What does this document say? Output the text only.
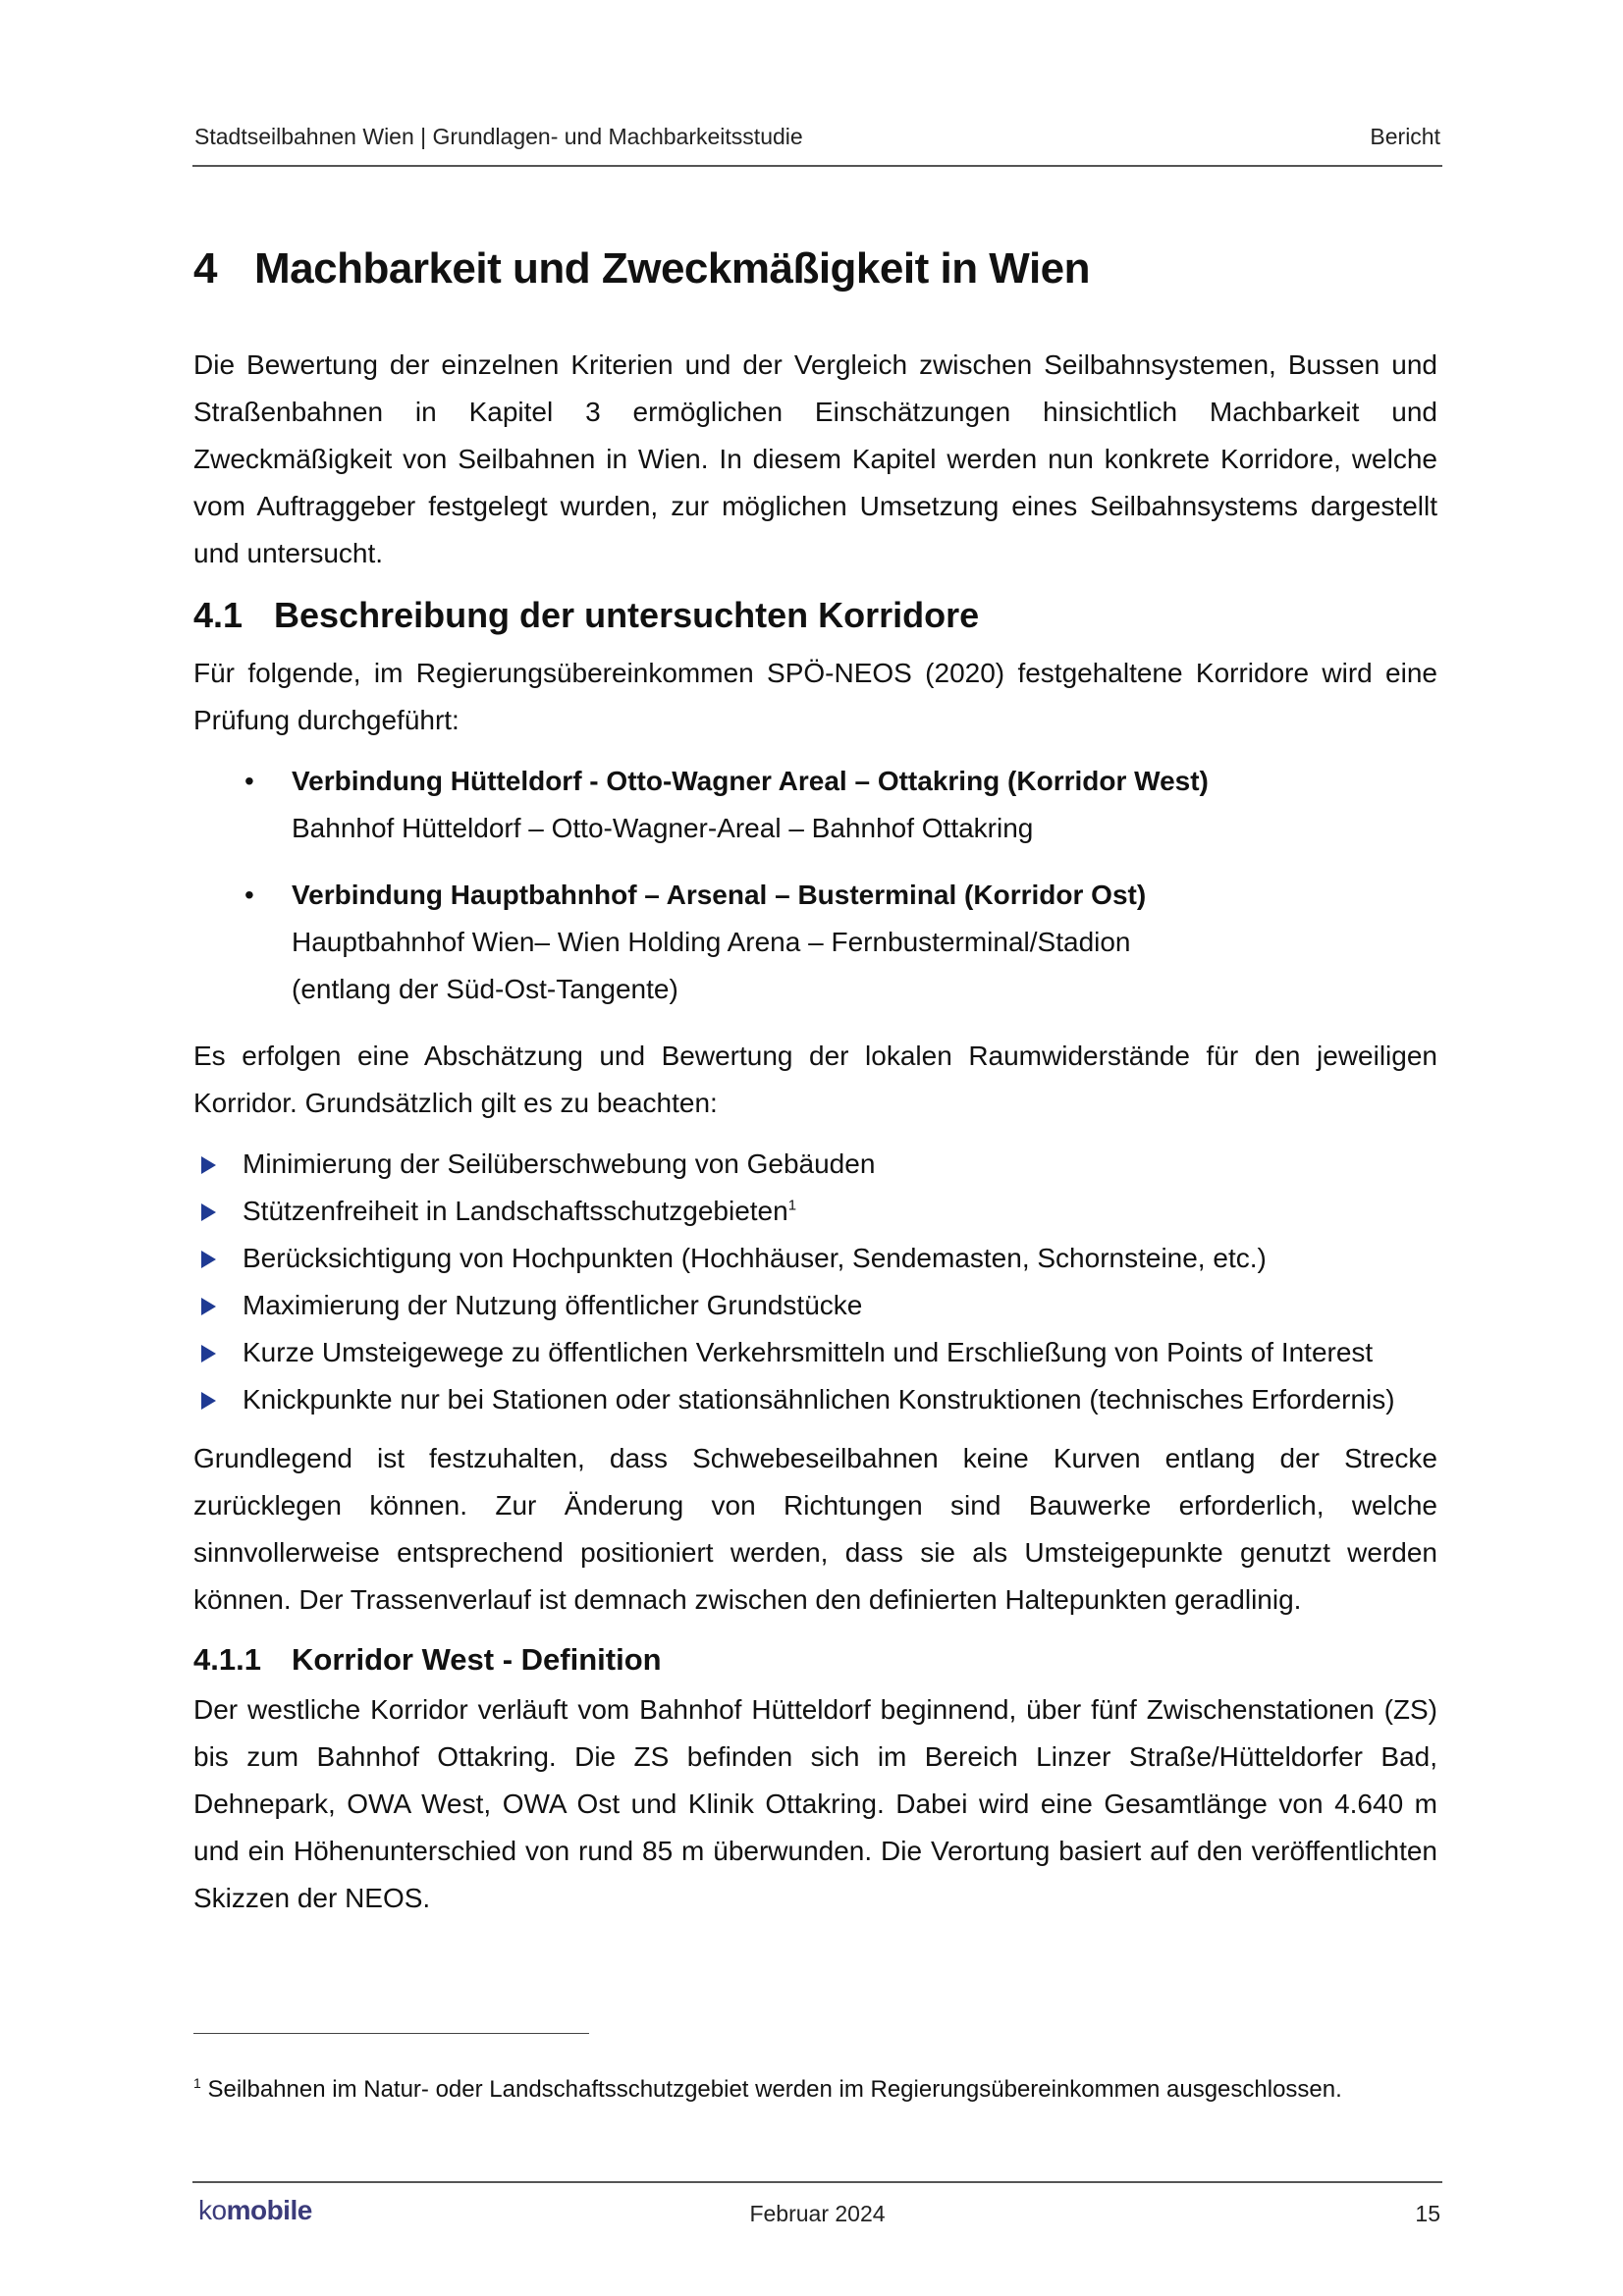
Stadtseilbahnen Wien | Grundlagen- und Machbarkeitsstudie	Bericht
4 Machbarkeit und Zweckmäßigkeit in Wien

Die Bewertung der einzelnen Kriterien und der Vergleich zwischen Seilbahnsystemen, Bussen und Straßenbahnen in Kapitel 3 ermöglichen Einschätzungen hinsichtlich Machbarkeit und Zweckmäßigkeit von Seilbahnen in Wien. In diesem Kapitel werden nun konkrete Korridore, welche vom Auftraggeber festgelegt wurden, zur möglichen Umsetzung eines Seilbahnsystems dargestellt und untersucht.

4.1 Beschreibung der untersuchten Korridore

Für folgende, im Regierungsübereinkommen SPÖ-NEOS (2020) festgehaltene Korridore wird eine Prüfung durchgeführt:

• Verbindung Hütteldorf - Otto-Wagner Areal – Ottakring (Korridor West)
Bahnhof Hütteldorf – Otto-Wagner-Areal – Bahnhof Ottakring
• Verbindung Hauptbahnhof – Arsenal – Busterminal (Korridor Ost)
Hauptbahnhof Wien– Wien Holding Arena – Fernbusterminal/Stadion
(entlang der Süd-Ost-Tangente)

Es erfolgen eine Abschätzung und Bewertung der lokalen Raumwiderstände für den jeweiligen Korridor. Grundsätzlich gilt es zu beachten:

Minimierung der Seilüberschwebung von Gebäuden
Stützenfreiheit in Landschaftsschutzgebieten$^1$
Berücksichtigung von Hochpunkten (Hochhäuser, Sendemasten, Schornsteine, etc.)
Maximierung der Nutzung öffentlicher Grundstücke
Kurze Umsteigewege zu öffentlichen Verkehrsmitteln und Erschließung von Points of Interest
Knickpunkte nur bei Stationen oder stationsähnlichen Konstruktionen (technisches Erfordernis)

Grundlegend ist festzuhalten, dass Schwebeseilbahnen keine Kurven entlang der Strecke zurücklegen können. Zur Änderung von Richtungen sind Bauwerke erforderlich, welche sinnvollerweise entsprechend positioniert werden, dass sie als Umsteigepunkte genutzt werden können. Der Trassenverlauf ist demnach zwischen den definierten Haltepunkten geradlinig.

4.1.1 Korridor West - Definition

Der westliche Korridor verläuft vom Bahnhof Hütteldorf beginnend, über fünf Zwischenstationen (ZS) bis zum Bahnhof Ottakring. Die ZS befinden sich im Bereich Linzer Straße/Hütteldorfer Bad, Dehnepark, OWA West, OWA Ost und Klinik Ottakring. Dabei wird eine Gesamtlänge von 4.640 m und ein Höhenunterschied von rund 85 m überwunden. Die Verortung basiert auf den veröffentlichten Skizzen der NEOS.

$^1$ Seilbahnen im Natur- oder Landschaftsschutzgebiet werden im Regierungsübereinkommen ausgeschlossen.
komobile	Februar 2024	15
